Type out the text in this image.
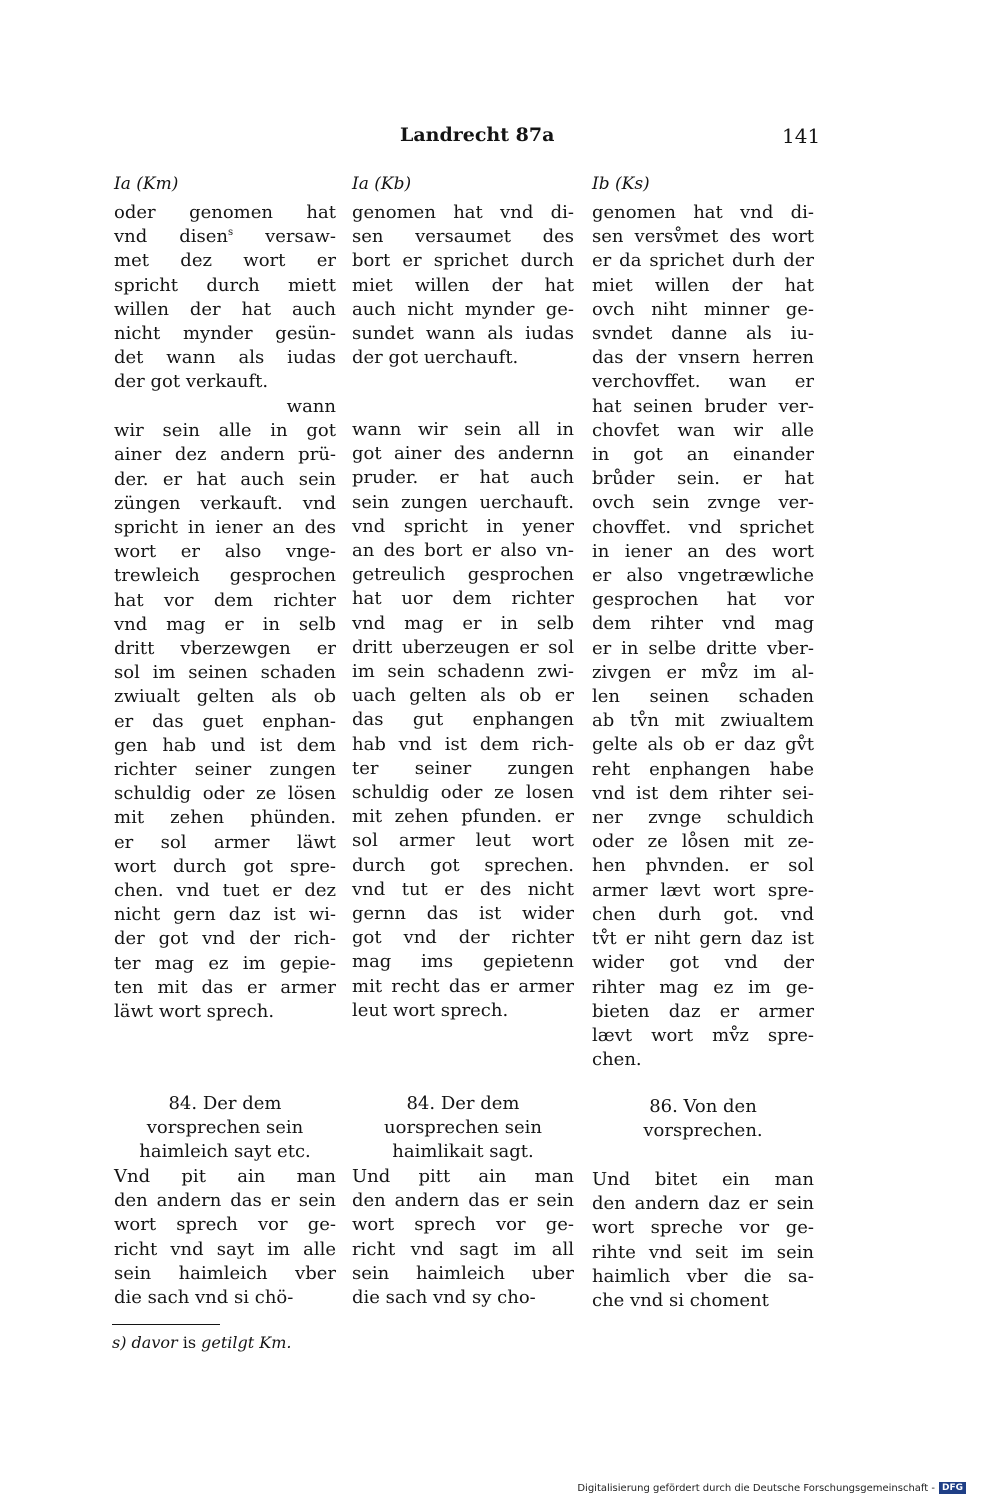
Landrecht 87a	141
Ia (Km)	Ia (Kb)	Ib (Ks)
oder genomen hat
vnd disen$^s$ versaw-
met dez wort er
spricht durch miett
willen der hat auch
nicht mynder gesün-
det wann als iudas
der got verkauft.
wann
wir sein alle in got
ainer dez andern prü-
der. er hat auch sein
züngen verkauft. vnd
spricht in iener an des
wort er also vnge-
trewleich gesprochen
hat vor dem richter
vnd mag er in selb
dritt vberzewgen er
sol im seinen schaden
zwiualt gelten als ob
er das guet enphan-
gen hab und ist dem
richter seiner zungen
schuldig oder ze lösen
mit zehen phünden.
er sol armer läwt
wort durch got spre-
chen. vnd tuet er dez
nicht gern daz ist wi-
der got vnd der rich-
ter mag ez im gepie-
ten mit das er armer
läwt wort sprech.
84. Der dem
vorsprechen sein
haimleich sayt etc.
Vnd pit ain man
den andern das er sein
wort sprech vor ge-
richt vnd sayt im alle
sein haimleich vber
die sach vnd si chö-
genomen hat vnd di-
sen versaumet des
bort er sprichet durch
miet willen der hat
auch nicht mynder ge-
sundet wann als iudas
der got uerchauft.
wann wir sein all in
got ainer des andernn
pruder. er hat auch
sein zungen uerchauft.
vnd spricht in yener
an des bort er also vn-
getreulich gesprochen
hat uor dem richter
vnd mag er in selb
dritt uberzeugen er sol
im sein schadenn zwi-
uach gelten als ob er
das gut enphangen
hab vnd ist dem rich-
ter seiner zungen
schuldig oder ze losen
mit zehen pfunden. er
sol armer leut wort
durch got sprechen.
vnd tut er des nicht
gernn das ist wider
got vnd der richter
mag ims gepietenn
mit recht das er armer
leut wort sprech.
84. Der dem
uorsprechen sein
haimlikait sagt.
Und pitt ain man
den andern das er sein
wort sprech vor ge-
richt vnd sagt im all
sein haimleich uber
die sach vnd sy cho-
genomen hat vnd di-
sen versv̊met des wort
er da sprichet durh der
miet willen der hat
ovch niht minner ge-
svndet danne als iu-
das der vnsern herren
verchovffet. wan er
hat seinen bruder ver-
chovfet wan wir alle
in got an einander
brůder sein. er hat
ovch sein zvnge ver-
chovffet. vnd sprichet
in iener an des wort
er also vngetræwliche
gesprochen hat vor
dem rihter vnd mag
er in selbe dritte vber-
zivgen er mv̊z im al-
len seinen schaden
ab tv̊n mit zwiualtem
gelte als ob er daz gv̊t
reht enphangen habe
vnd ist dem rihter sei-
ner zvnge schuldich
oder ze lo̊sen mit ze-
hen phvnden. er sol
armer lævt wort spre-
chen durh got. vnd
tv̊t er niht gern daz ist
wider got vnd der
rihter mag ez im ge-
bieten daz er armer
lævt wort mv̊z spre-
chen.
86. Von den
vorsprechen.
Und bitet ein man
den andern daz er sein
wort spreche vor ge-
rihte vnd seit im sein
haimlich vber die sa-
che vnd si choment
s) davor is getilgt Km.
Digitalisierung gefördert durch die Deutsche Forschungsgemeinschaft - DFG
